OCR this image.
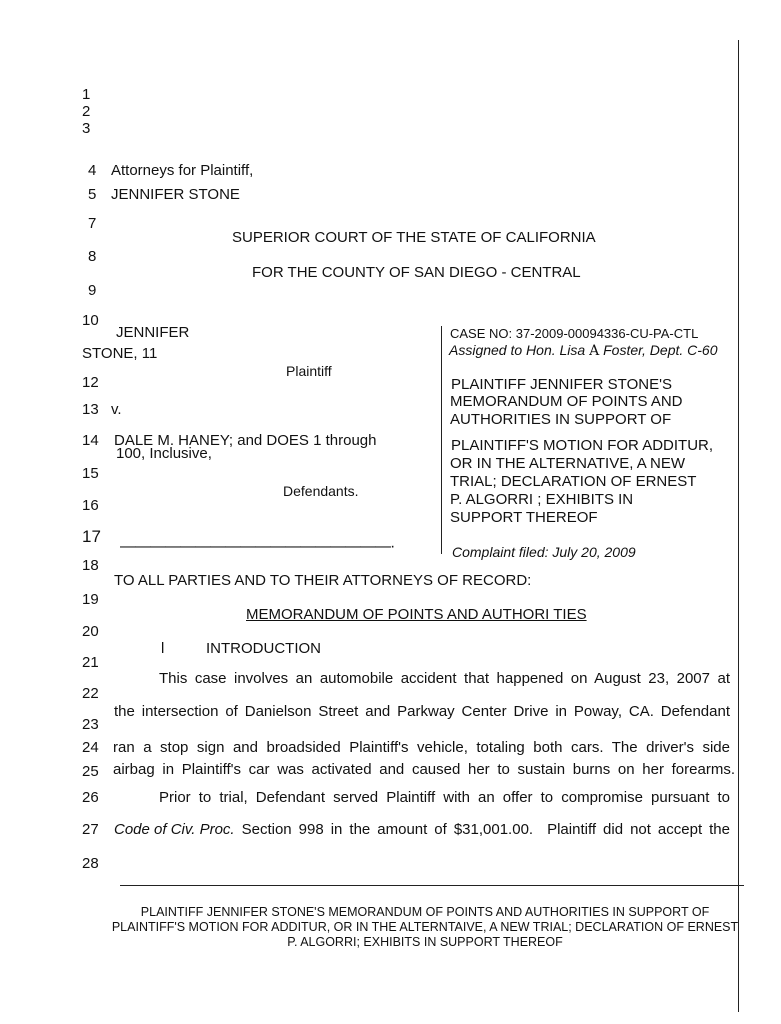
1
2
3
4
5
7
8
9
10
12
13
14
15
16
17
18
19
20
21
22
23
24
25
26
27
28
Attorneys for Plaintiff,
JENNIFER STONE
SUPERIOR COURT OF THE STATE OF CALIFORNIA
FOR THE COUNTY OF SAN DIEGO - CENTRAL
JENNIFER
STONE, 11
Plaintiff
v.
DALE M. HANEY; and DOES 1 through
100, Inclusive,
Defendants.
——————————————————·
CASE NO: 37-2009-00094336-CU-PA-CTL
Assigned to Hon. Lisa A Foster, Dept. C-60
PLAINTIFF JENNIFER STONE'S
MEMORANDUM OF POINTS AND
AUTHORITIES IN SUPPORT OF
PLAINTIFF'S MOTION FOR ADDITUR,
OR IN THE ALTERNATIVE, A NEW
TRIAL; DECLARATION OF ERNEST
P. ALGORRI ; EXHIBITS IN
SUPPORT THEREOF
Complaint filed: July 20, 2009
TO ALL PARTIES AND TO THEIR ATTORNEYS OF RECORD:
MEMORANDUM OF POINTS AND AUTHORI TIES
l	INTRODUCTION
This case involves an automobile accident that happened on August 23, 2007 at
the intersection of Danielson Street and Parkway Center Drive in Poway, CA. Defendant
ran a stop sign and broadsided Plaintiff's vehicle, totaling both cars. The driver's side
airbag in Plaintiff's car was activated and caused her to sustain burns on her forearms.
Prior to trial, Defendant served Plaintiff with an offer to compromise pursuant to
Code of Civ. Proc. Section 998 in the amount of $31,001.00.  Plaintiff did not accept the
PLAINTIFF JENNIFER STONE'S MEMORANDUM OF POINTS AND AUTHORITIES IN SUPPORT OF PLAINTIFF'S MOTION FOR ADDITUR, OR IN THE ALTERNTAIVE, A NEW TRIAL; DECLARATION OF ERNEST P. ALGORRI; EXHIBITS IN SUPPORT THEREOF
